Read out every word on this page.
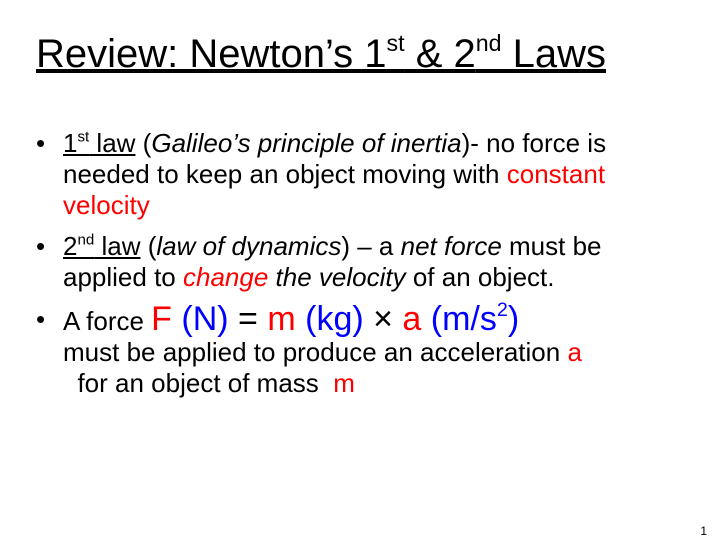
Review: Newton’s 1st & 2nd Laws
• 1st law (Galileo’s principle of inertia)- no force is needed to keep an object moving with constant velocity
• 2nd law (law of dynamics) – a net force must be applied to change the velocity of an object.
• A force F (N) = m (kg) × a $(m/s^2)$
must be applied to produce an acceleration a  for an object of mass  m
1
